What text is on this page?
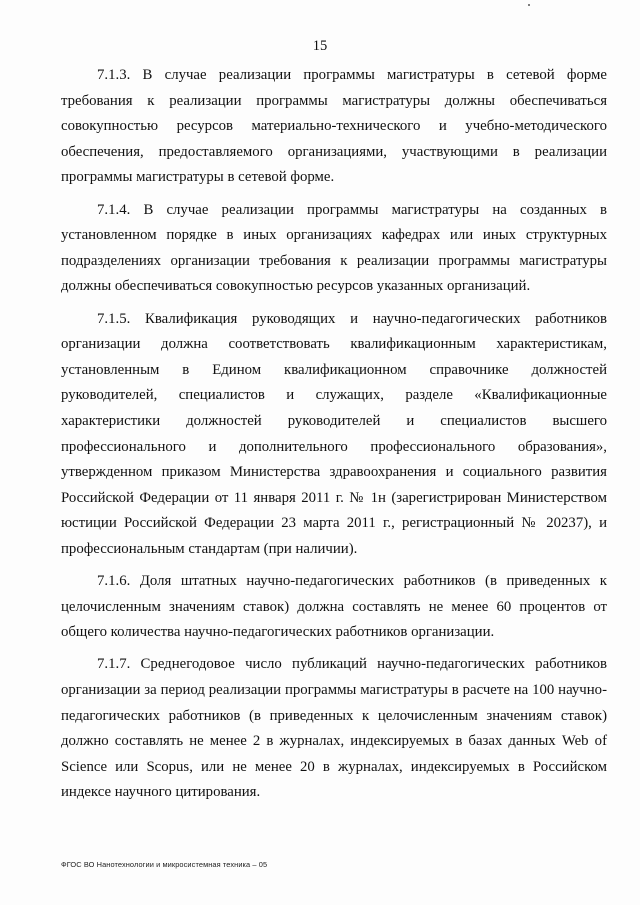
15

7.1.3. В случае реализации программы магистратуры в сетевой форме требования к реализации программы магистратуры должны обеспечиваться совокупностью ресурсов материально-технического и учебно-методического обеспечения, предоставляемого организациями, участвующими в реализации программы магистратуры в сетевой форме.

7.1.4. В случае реализации программы магистратуры на созданных в установленном порядке в иных организациях кафедрах или иных структурных подразделениях организации требования к реализации программы магистратуры должны обеспечиваться совокупностью ресурсов указанных организаций.

7.1.5. Квалификация руководящих и научно-педагогических работников организации должна соответствовать квалификационным характеристикам, установленным в Едином квалификационном справочнике должностей руководителей, специалистов и служащих, разделе «Квалификационные характеристики должностей руководителей и специалистов высшего профессионального и дополнительного профессионального образования», утвержденном приказом Министерства здравоохранения и социального развития Российской Федерации от 11 января 2011 г. № 1н (зарегистрирован Министерством юстиции Российской Федерации 23 марта 2011 г., регистрационный № 20237), и профессиональным стандартам (при наличии).

7.1.6. Доля штатных научно-педагогических работников (в приведенных к целочисленным значениям ставок) должна составлять не менее 60 процентов от общего количества научно-педагогических работников организации.

7.1.7. Среднегодовое число публикаций научно-педагогических работников организации за период реализации программы магистратуры в расчете на 100 научно-педагогических работников (в приведенных к целочисленным значениям ставок) должно составлять не менее 2 в журналах, индексируемых в базах данных Web of Science или Scopus, или не менее 20 в журналах, индексируемых в Российском индексе научного цитирования.

ФГОС ВО Нанотехнологии и микросистемная техника – 05
